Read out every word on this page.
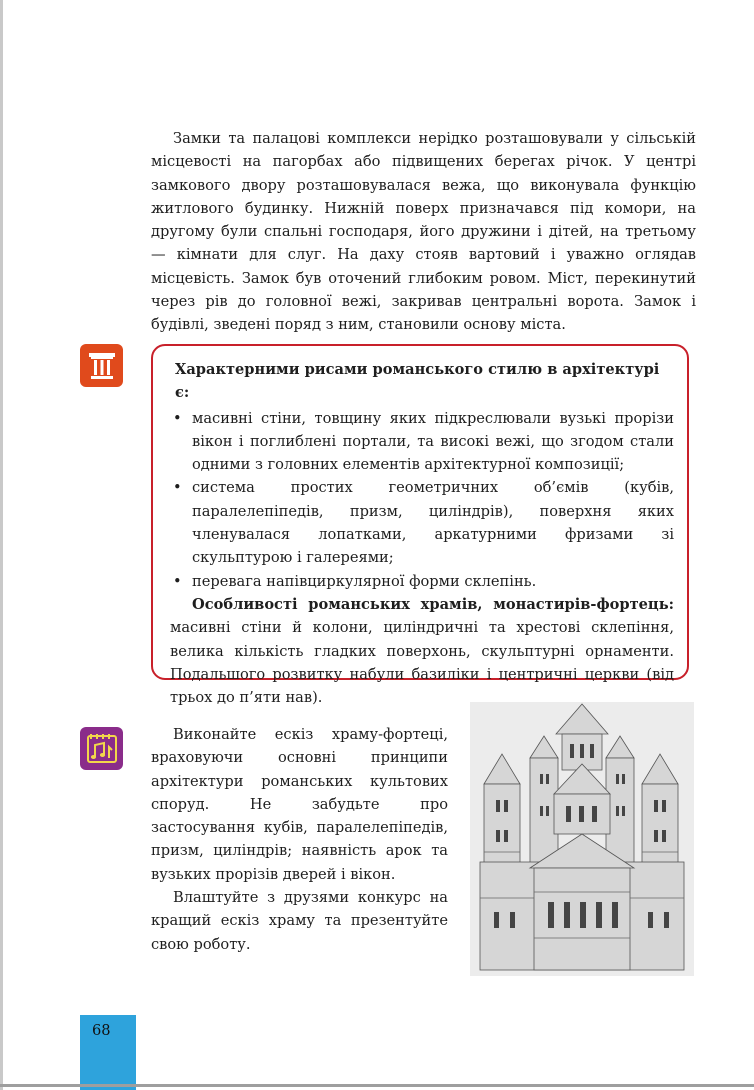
Замки та палацові комплекси нерідко розташовували у сільській місцевості на пагорбах або підвищених берегах річок. У центрі замкового двору розташовувалася вежа, що виконувала функцію житлового будинку. Нижній поверх призначався під комори, на другому були спальні господаря, його дружини і дітей, на третьому — кімнати для слуг. На даху стояв вартовий і уважно оглядав місцевість. Замок був оточений глибоким ровом. Міст, перекинутий через рів до головної вежі, закривав центральні ворота. Замок і будівлі, зведені поряд з ним, становили основу міста.

Характерними рисами романського стилю в архітектурі є:

• масивні стіни, товщину яких підкреслювали вузькі прорізи вікон і поглиблені портали, та високі вежі, що згодом стали одними з головних елементів архітектурної композиції;
• система простих геометричних об’ємів (кубів, паралелепіпедів, призм, циліндрів), поверхня яких членувалася лопатками, аркатурними фризами зі скульптурою і галереями;
• перевага напівциркулярної форми склепінь.

Особливості романських храмів, монастирів-фортець: масивні стіни й колони, циліндричні та хрестові склепіння, велика кількість гладких поверхонь, скульптурні орнаменти. Подальшого розвитку набули базиліки і центричні церкви (від трьох до п’яти нав).

Виконайте ескіз храму-фортеці, враховуючи основні принципи архітектури романських культових споруд. Не забудьте про застосування кубів, паралелепіпедів, призм, циліндрів; наявність арок та вузьких прорізів дверей і вікон.

Влаштуйте з друзями конкурс на кращий ескіз храму та презентуйте свою роботу.

68
